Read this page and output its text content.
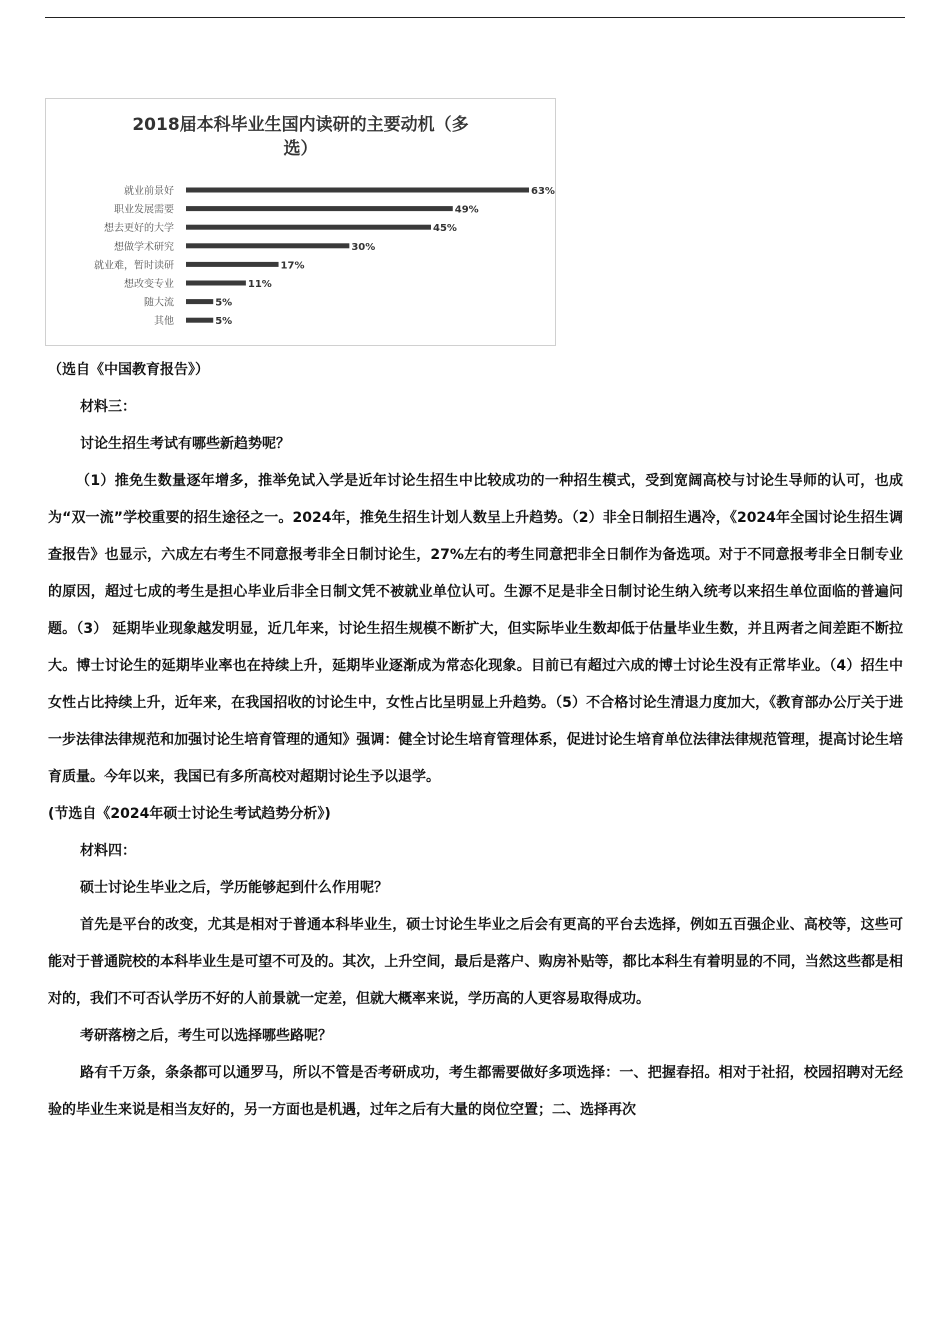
2018届本科毕业生国内读研的主要动机（多
选）
就业前景好	63%
职业发展需要	49%
想去更好的大学	45%
想做学术研究	30%
就业难，暂时读研	17%
想改变专业	11%
随大流	5%
其他	5%

（选自《中国教育报告》）

材料三：

讨论生招生考试有哪些新趋势呢？

（1）推免生数量逐年增多，推举免试入学是近年讨论生招生中比较成功的一种招生模式，受到宽阔高校与讨论生导师的认可，也成为“双一流”学校重要的招生途径之一。2024年，推免生招生计划人数呈上升趋势。（2）非全日制招生遇冷，《2024年全国讨论生招生调查报告》也显示，六成左右考生不同意报考非全日制讨论生，27%左右的考生同意把非全日制作为备选项。对于不同意报考非全日制专业的原因，超过七成的考生是担心毕业后非全日制文凭不被就业单位认可。生源不足是非全日制讨论生纳入统考以来招生单位面临的普遍问题。（3） 延期毕业现象越发明显，近几年来，讨论生招生规模不断扩大，但实际毕业生数却低于估量毕业生数，并且两者之间差距不断拉大。博士讨论生的延期毕业率也在持续上升，延期毕业逐渐成为常态化现象。目前已有超过六成的博士讨论生没有正常毕业。（4）招生中女性占比持续上升，近年来，在我国招收的讨论生中，女性占比呈明显上升趋势。（5）不合格讨论生清退力度加大，《教育部办公厅关于进一步法律法律规范和加强讨论生培育管理的通知》强调：健全讨论生培育管理体系，促进讨论生培育单位法律法律规范管理，提高讨论生培育质量。今年以来，我国已有多所高校对超期讨论生予以退学。

(节选自《2024年硕士讨论生考试趋势分析》)

材料四：

硕士讨论生毕业之后，学历能够起到什么作用呢？

首先是平台的改变，尤其是相对于普通本科毕业生，硕士讨论生毕业之后会有更高的平台去选择，例如五百强企业、高校等，这些可能对于普通院校的本科毕业生是可望不可及的。其次，上升空间，最后是落户、购房补贴等，都比本科生有着明显的不同，当然这些都是相对的，我们不可否认学历不好的人前景就一定差，但就大概率来说，学历高的人更容易取得成功。

考研落榜之后，考生可以选择哪些路呢？

路有千万条，条条都可以通罗马，所以不管是否考研成功，考生都需要做好多项选择：一、把握春招。相对于社招，校园招聘对无经验的毕业生来说是相当友好的，另一方面也是机遇，过年之后有大量的岗位空置；二、选择再次
